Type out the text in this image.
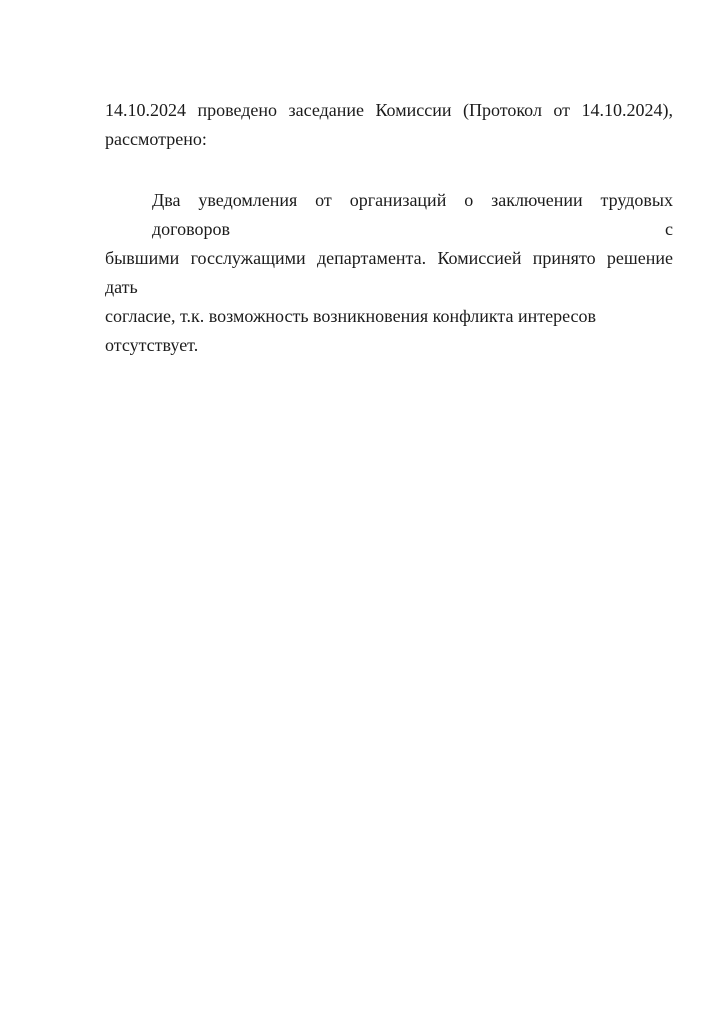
14.10.2024 проведено заседание Комиссии (Протокол от 14.10.2024),
рассмотрено:

Два уведомления от организаций о заключении трудовых договоров с
бывшими госслужащими департамента. Комиссией принято решение дать
согласие, т.к. возможность возникновения конфликта интересов отсутствует.
